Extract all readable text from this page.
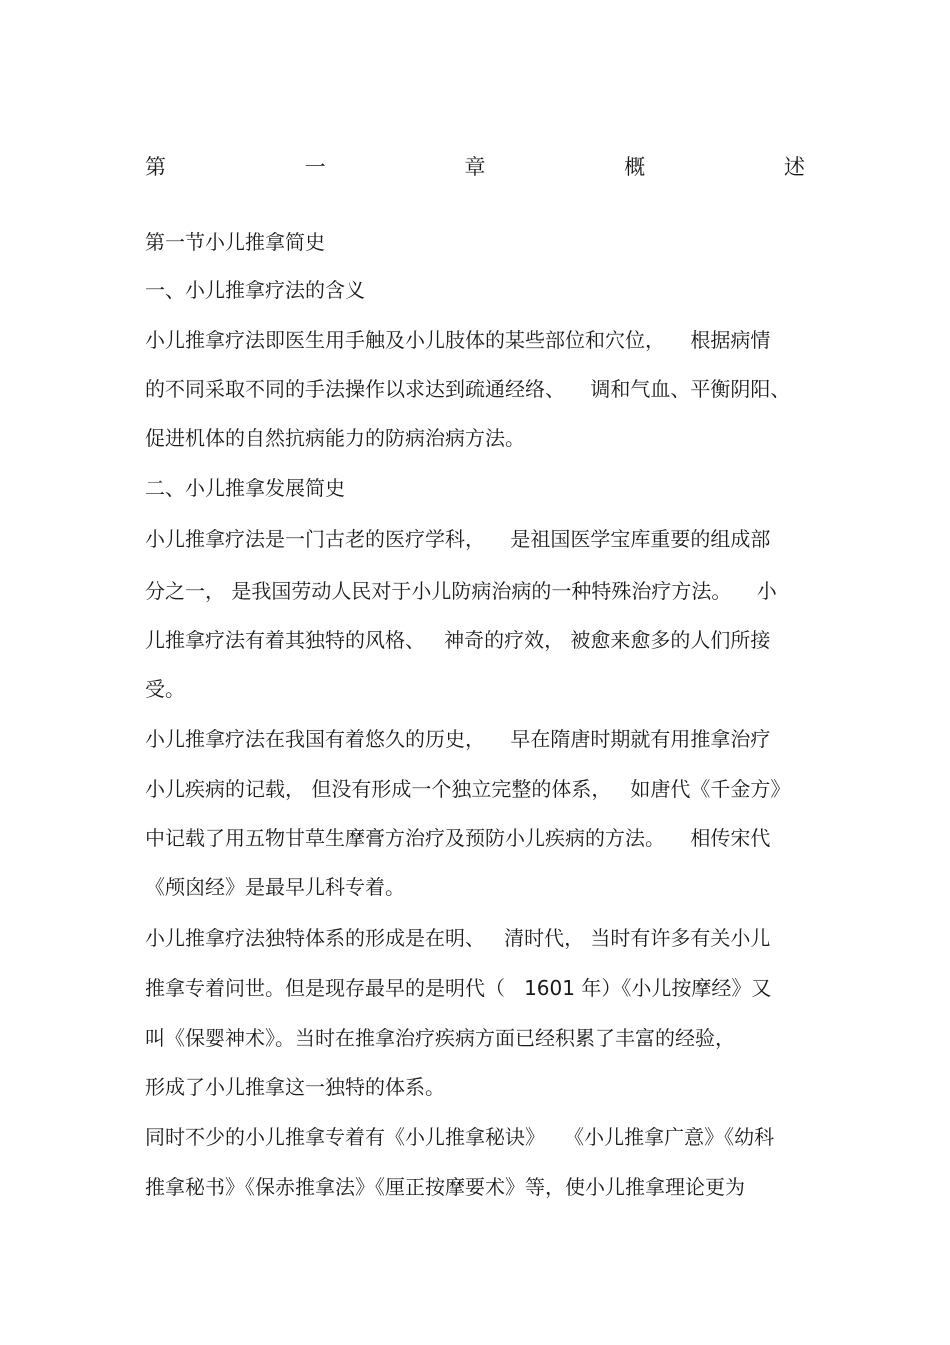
第	一	章	概	述
第一节小儿推拿简史
一、小儿推拿疗法的含义
小儿推拿疗法即医生用手触及小儿肢体的某些部位和穴位，    根据病情
的不同采取不同的手法操作以求达到疏通经络、    调和气血、平衡阴阳、
促进机体的自然抗病能力的防病治病方法。
二、小儿推拿发展简史
小儿推拿疗法是一门古老的医疗学科，    是祖国医学宝库重要的组成部
分之一， 是我国劳动人民对于小儿防病治病的一种特殊治疗方法。    小
儿推拿疗法有着其独特的风格、   神奇的疗效， 被愈来愈多的人们所接
受。
小儿推拿疗法在我国有着悠久的历史，    早在隋唐时期就有用推拿治疗
小儿疾病的记载， 但没有形成一个独立完整的体系，   如唐代《千金方》
中记载了用五物甘草生摩膏方治疗及预防小儿疾病的方法。    相传宋代
《颅囟经》是最早儿科专着。
小儿推拿疗法独特体系的形成是在明、   清时代， 当时有许多有关小儿
推拿专着问世。但是现存最早的是明代（   1601 年）《小儿按摩经》又
叫《保婴神术》。当时在推拿治疗疾病方面已经积累了丰富的经验，
形成了小儿推拿这一独特的体系。
同时不少的小儿推拿专着有《小儿推拿秘诀》   《小儿推拿广意》《幼科
推拿秘书》《保赤推拿法》《厘正按摩要术》等，使小儿推拿理论更为
